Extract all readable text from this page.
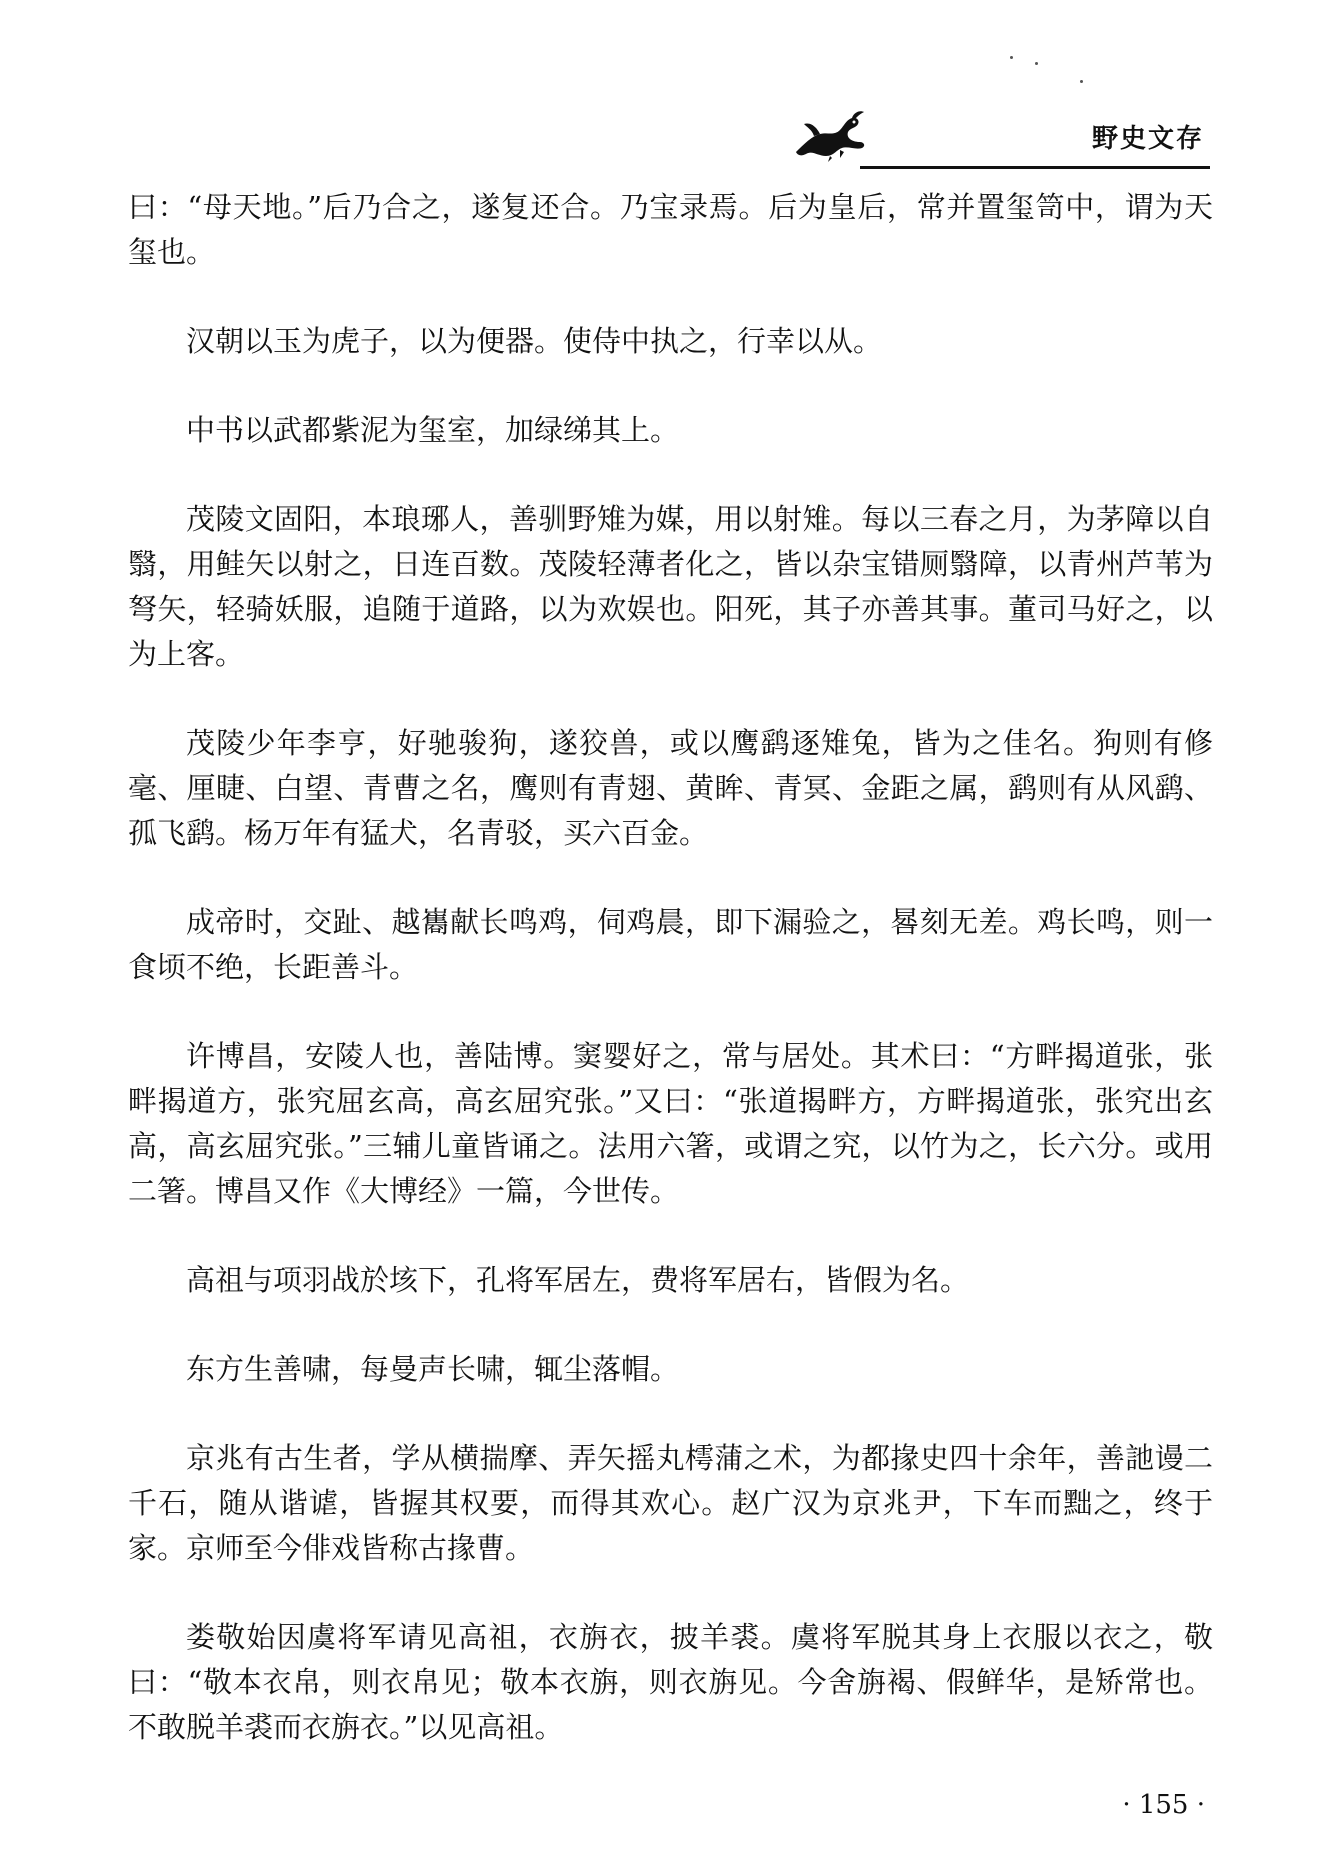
野史文存

曰：“母天地。”后乃合之，遂复还合。乃宝录焉。后为皇后，常并置玺笥中，谓为天玺也。

汉朝以玉为虎子，以为便器。使侍中执之，行幸以从。

中书以武都紫泥为玺室，加绿绨其上。

茂陵文固阳，本琅琊人，善驯野雉为媒，用以射雉。每以三春之月，为茅障以自翳，用鲑矢以射之，日连百数。茂陵轻薄者化之，皆以杂宝错厕翳障，以青州芦苇为弩矢，轻骑妖服，追随于道路，以为欢娱也。阳死，其子亦善其事。董司马好之，以为上客。

茂陵少年李亨，好驰骏狗，遂狡兽，或以鹰鹞逐雉兔，皆为之佳名。狗则有修毫、厘睫、白望、青曹之名，鹰则有青翅、黄眸、青冥、金距之属，鹞则有从风鹞、孤飞鹞。杨万年有猛犬，名青驳，买六百金。

成帝时，交趾、越巂献长鸣鸡，伺鸡晨，即下漏验之，晷刻无差。鸡长鸣，则一食顷不绝，长距善斗。

许博昌，安陵人也，善陆博。窦婴好之，常与居处。其术曰：“方畔揭道张，张畔揭道方，张究屈玄高，高玄屈究张。”又曰：“张道揭畔方，方畔揭道张，张究出玄高，高玄屈究张。”三辅儿童皆诵之。法用六箸，或谓之究，以竹为之，长六分。或用二箸。博昌又作《大博经》一篇，今世传。

高祖与项羽战於垓下，孔将军居左，费将军居右，皆假为名。

东方生善啸，每曼声长啸，辄尘落帽。

京兆有古生者，学从横揣摩、弄矢摇丸樗蒲之术，为都掾史四十余年，善訑谩二千石，随从谐谑，皆握其权要，而得其欢心。赵广汉为京兆尹，下车而黜之，终于家。京师至今俳戏皆称古掾曹。

娄敬始因虞将军请见高祖，衣旃衣，披羊裘。虞将军脱其身上衣服以衣之，敬曰：“敬本衣帛，则衣帛见；敬本衣旃，则衣旃见。今舍旃褐、假鲜华，是矫常也。不敢脱羊裘而衣旃衣。”以见高祖。

· 155 ·
